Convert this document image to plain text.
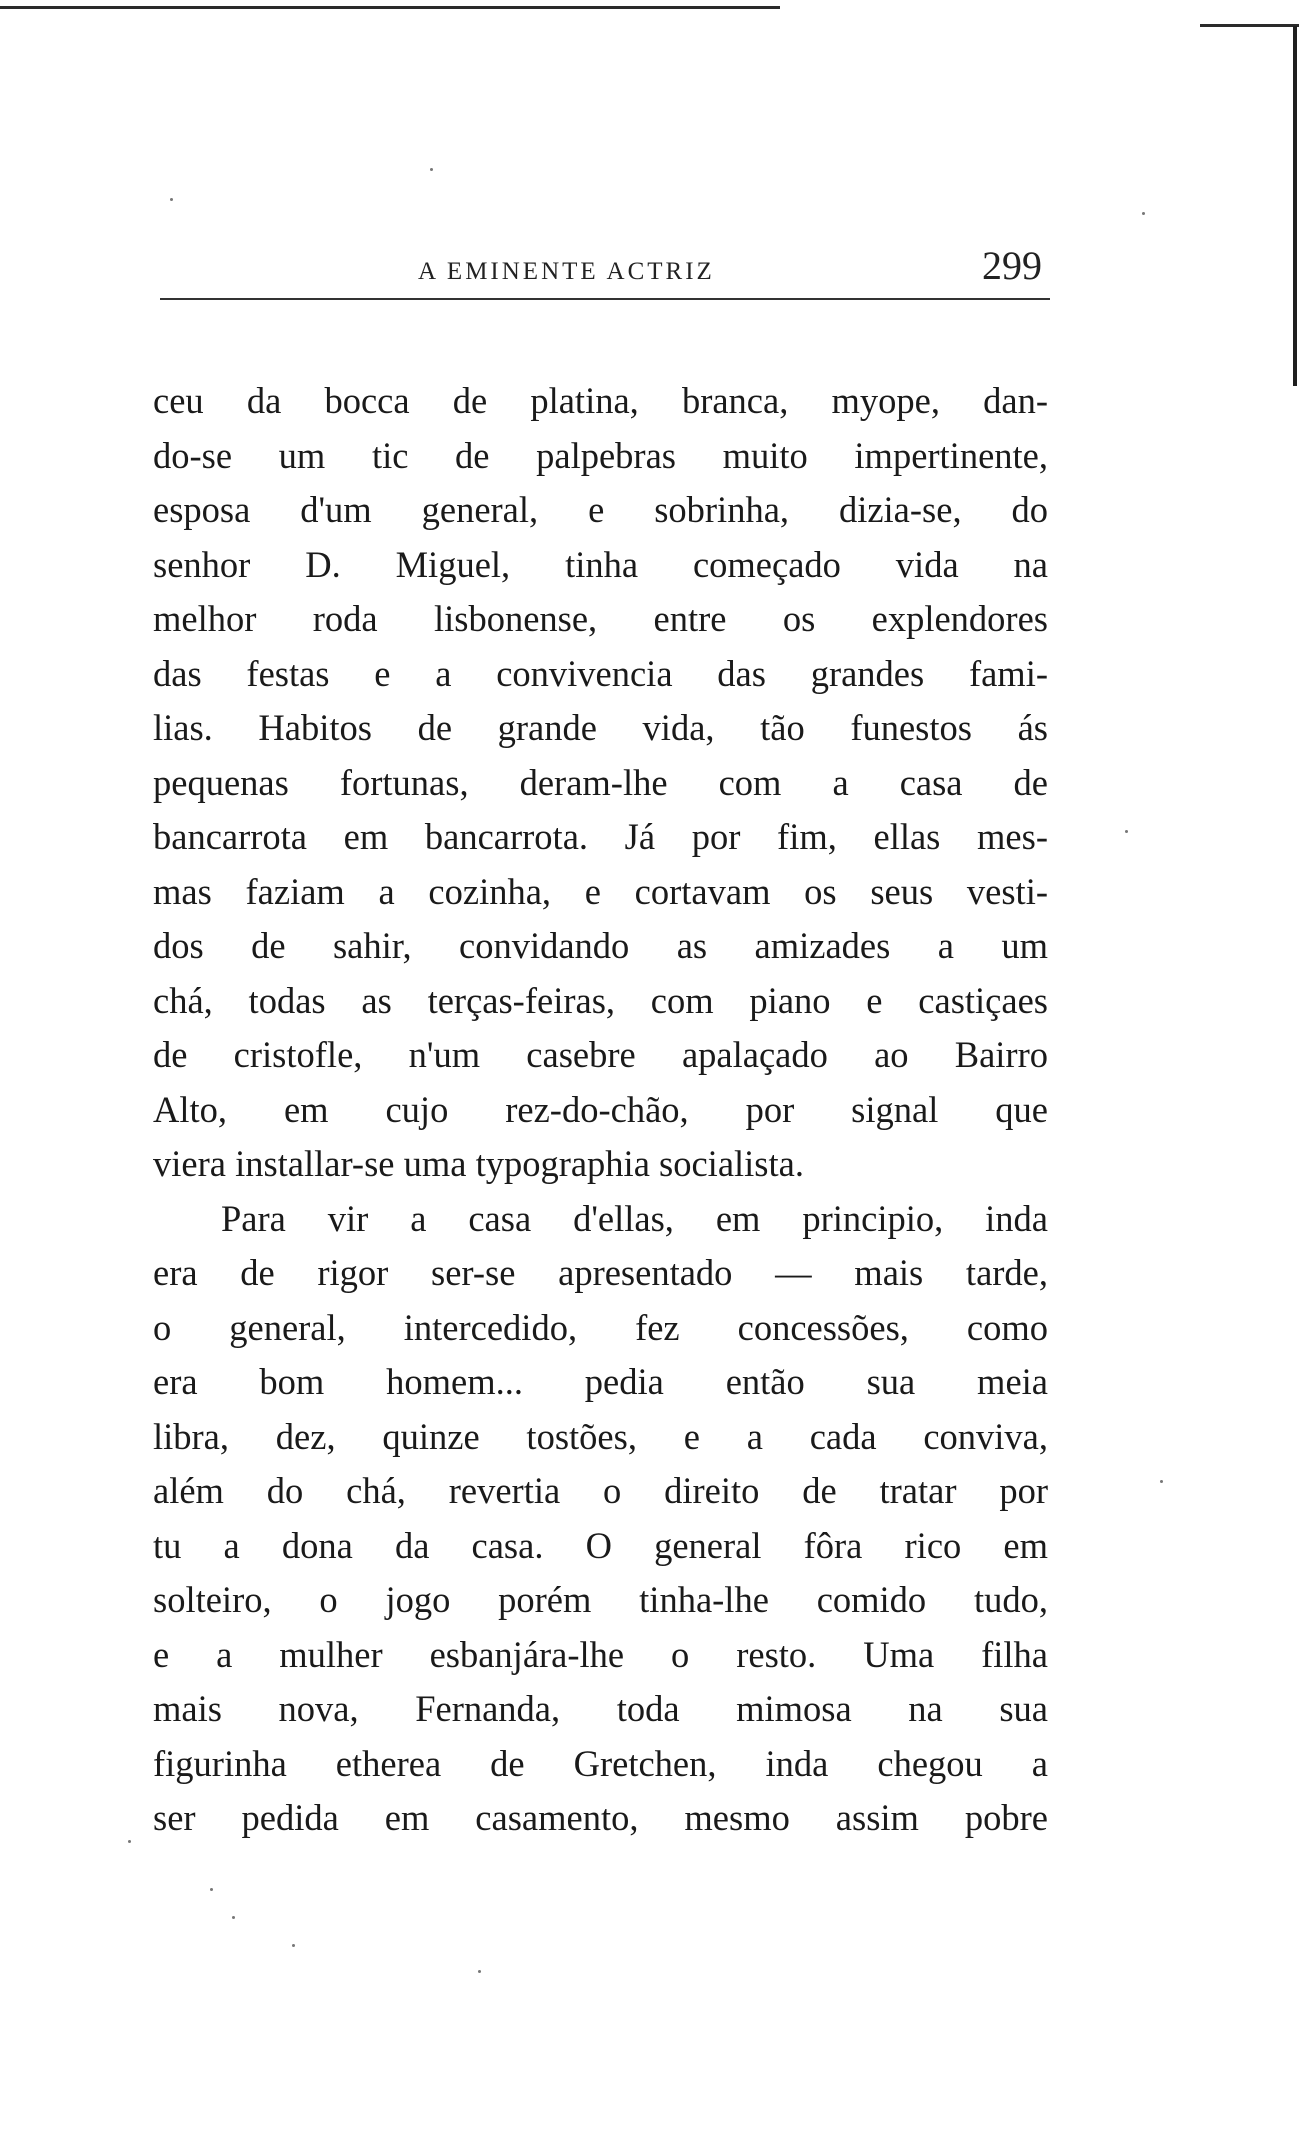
A EMINENTE ACTRIZ	299
ceu da bocca de platina, branca, myope, dan-
do-se um tic de palpebras muito impertinente,
esposa d'um general, e sobrinha, dizia-se, do
senhor D. Miguel, tinha começado vida na
melhor roda lisbonense, entre os explendores
das festas e a convivencia das grandes fami-
lias. Habitos de grande vida, tão funestos ás
pequenas fortunas, deram-lhe com a casa de
bancarrota em bancarrota. Já por fim, ellas mes-
mas faziam a cozinha, e cortavam os seus vesti-
dos de sahir, convidando as amizades a um
chá, todas as terças-feiras, com piano e castiçaes
de cristofle, n'um casebre apalaçado ao Bairro
Alto, em cujo rez-do-chão, por signal que
viera installar-se uma typographia socialista.
Para vir a casa d'ellas, em principio, inda
era de rigor ser-se apresentado — mais tarde,
o general, intercedido, fez concessões, como
era bom homem... pedia então sua meia
libra, dez, quinze tostões, e a cada conviva,
além do chá, revertia o direito de tratar por
tu a dona da casa. O general fôra rico em
solteiro, o jogo porém tinha-lhe comido tudo,
e a mulher esbanjára-lhe o resto. Uma filha
mais nova, Fernanda, toda mimosa na sua
figurinha etherea de Gretchen, inda chegou a
ser pedida em casamento, mesmo assim pobre
